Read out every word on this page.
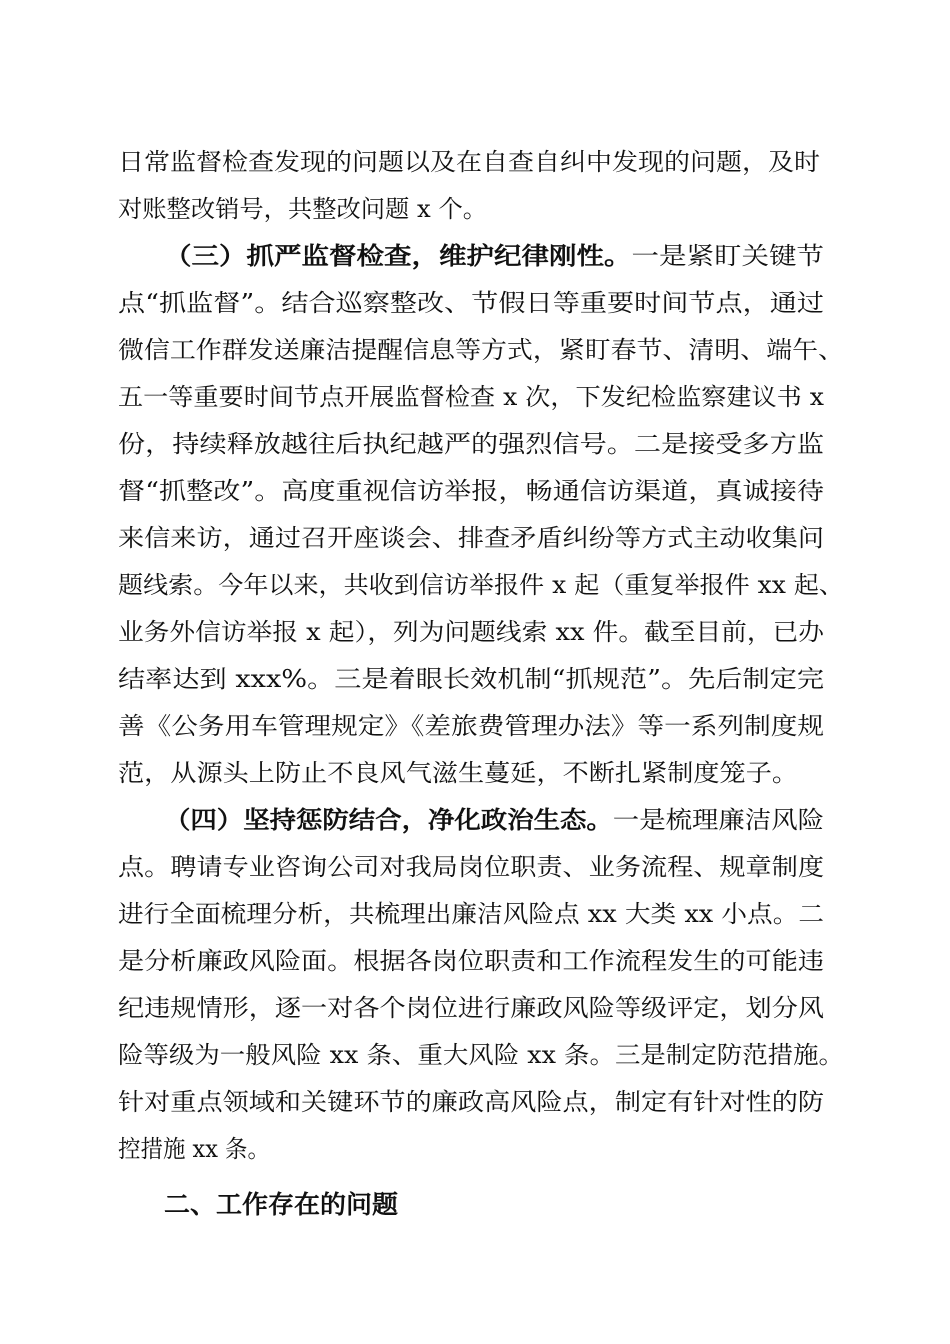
日常监督检查发现的问题以及在自查自纠中发现的问题，及时
对账整改销号，共整改问题 x 个。
（三）抓严监督检查，维护纪律刚性。一是紧盯关键节
点“抓监督”。结合巡察整改、节假日等重要时间节点，通过
微信工作群发送廉洁提醒信息等方式，紧盯春节、清明、端午、
五一等重要时间节点开展监督检查 x 次，下发纪检监察建议书 x
份，持续释放越往后执纪越严的强烈信号。二是接受多方监
督“抓整改”。高度重视信访举报，畅通信访渠道，真诚接待
来信来访，通过召开座谈会、排查矛盾纠纷等方式主动收集问
题线索。今年以来，共收到信访举报件 x 起（重复举报件 xx 起、
业务外信访举报 x 起），列为问题线索 xx 件。截至目前，已办
结率达到 xxx%。三是着眼长效机制“抓规范”。先后制定完
善《公务用车管理规定》《差旅费管理办法》等一系列制度规
范，从源头上防止不良风气滋生蔓延，不断扎紧制度笼子。
（四）坚持惩防结合，净化政治生态。一是梳理廉洁风险
点。聘请专业咨询公司对我局岗位职责、业务流程、规章制度
进行全面梳理分析，共梳理出廉洁风险点 xx 大类 xx 小点。二
是分析廉政风险面。根据各岗位职责和工作流程发生的可能违
纪违规情形，逐一对各个岗位进行廉政风险等级评定，划分风
险等级为一般风险 xx 条、重大风险 xx 条。三是制定防范措施。
针对重点领域和关键环节的廉政高风险点，制定有针对性的防
控措施 xx 条。
二、工作存在的问题
